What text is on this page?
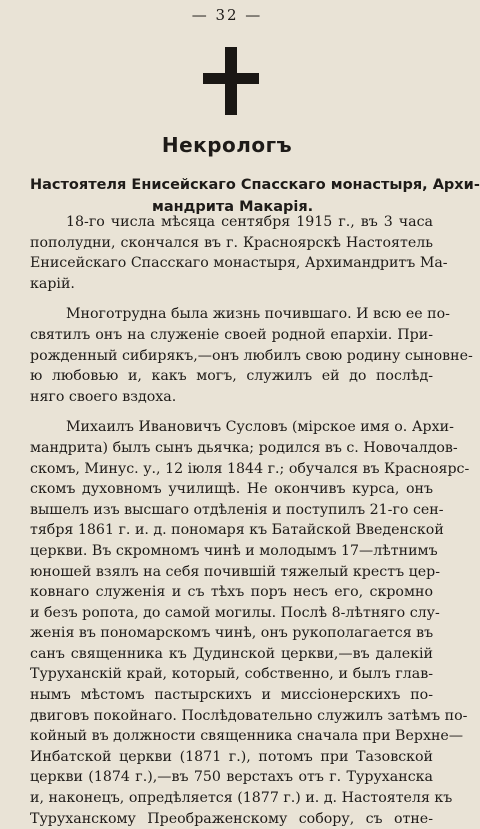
— 32 —
Некрологъ
Настоятеля Енисейскаго Спасскаго монастыря, Архи-
мандрита Макарія.
18-го числа мѣсяца сентября 1915 г., въ 3 часа
пополудни, скончался въ г. Красноярскѣ Настоятель
Енисейскаго Спасскаго монастыря, Архимандритъ Ма-
карій.
Многотрудна была жизнь почившаго. И всю ее по-
святилъ онъ на служеніе своей родной епархіи. При-
рожденный сибирякъ,—онъ любилъ свою родину сыновне-
ю любовью и, какъ могъ, служилъ ей до послѣд-
няго своего вздоха.
Михаилъ Ивановичъ Сусловъ (мірское имя о. Архи-
мандрита) былъ сынъ дьячка; родился въ с. Новочалдов-
скомъ, Минус. у., 12 іюля 1844 г.; обучался въ Красноярс-
скомъ духовномъ училищѣ. Не окончивъ курса, онъ
вышелъ изъ высшаго отдѣленія и поступилъ 21-го сен-
тября 1861 г. и. д. пономаря къ Батайской Введенской
церкви. Въ скромномъ чинѣ и молодымъ 17—лѣтнимъ
юношей взялъ на себя почившій тяжелый крестъ цер-
ковнаго служенія и съ тѣхъ поръ несъ его, скромно
и безъ ропота, до самой могилы. Послѣ 8-лѣтняго слу-
женія въ пономарскомъ чинѣ, онъ рукополагается въ
санъ священника къ Дудинской церкви,—въ далекій
Туруханскій край, который, собственно, и былъ глав-
нымъ мѣстомъ пастырскихъ и миссіонерскихъ по-
двиговъ покойнаго. Послѣдовательно служилъ затѣмъ по-
койный въ должности священника сначала при Верхне—
Инбатской церкви (1871 г.), потомъ при Тазовской
церкви (1874 г.),—въ 750 верстахъ отъ г. Туруханска
и, наконецъ, опредѣляется (1877 г.) и. д. Настоятеля къ
Туруханскому Преображенскому собору, съ отне-
